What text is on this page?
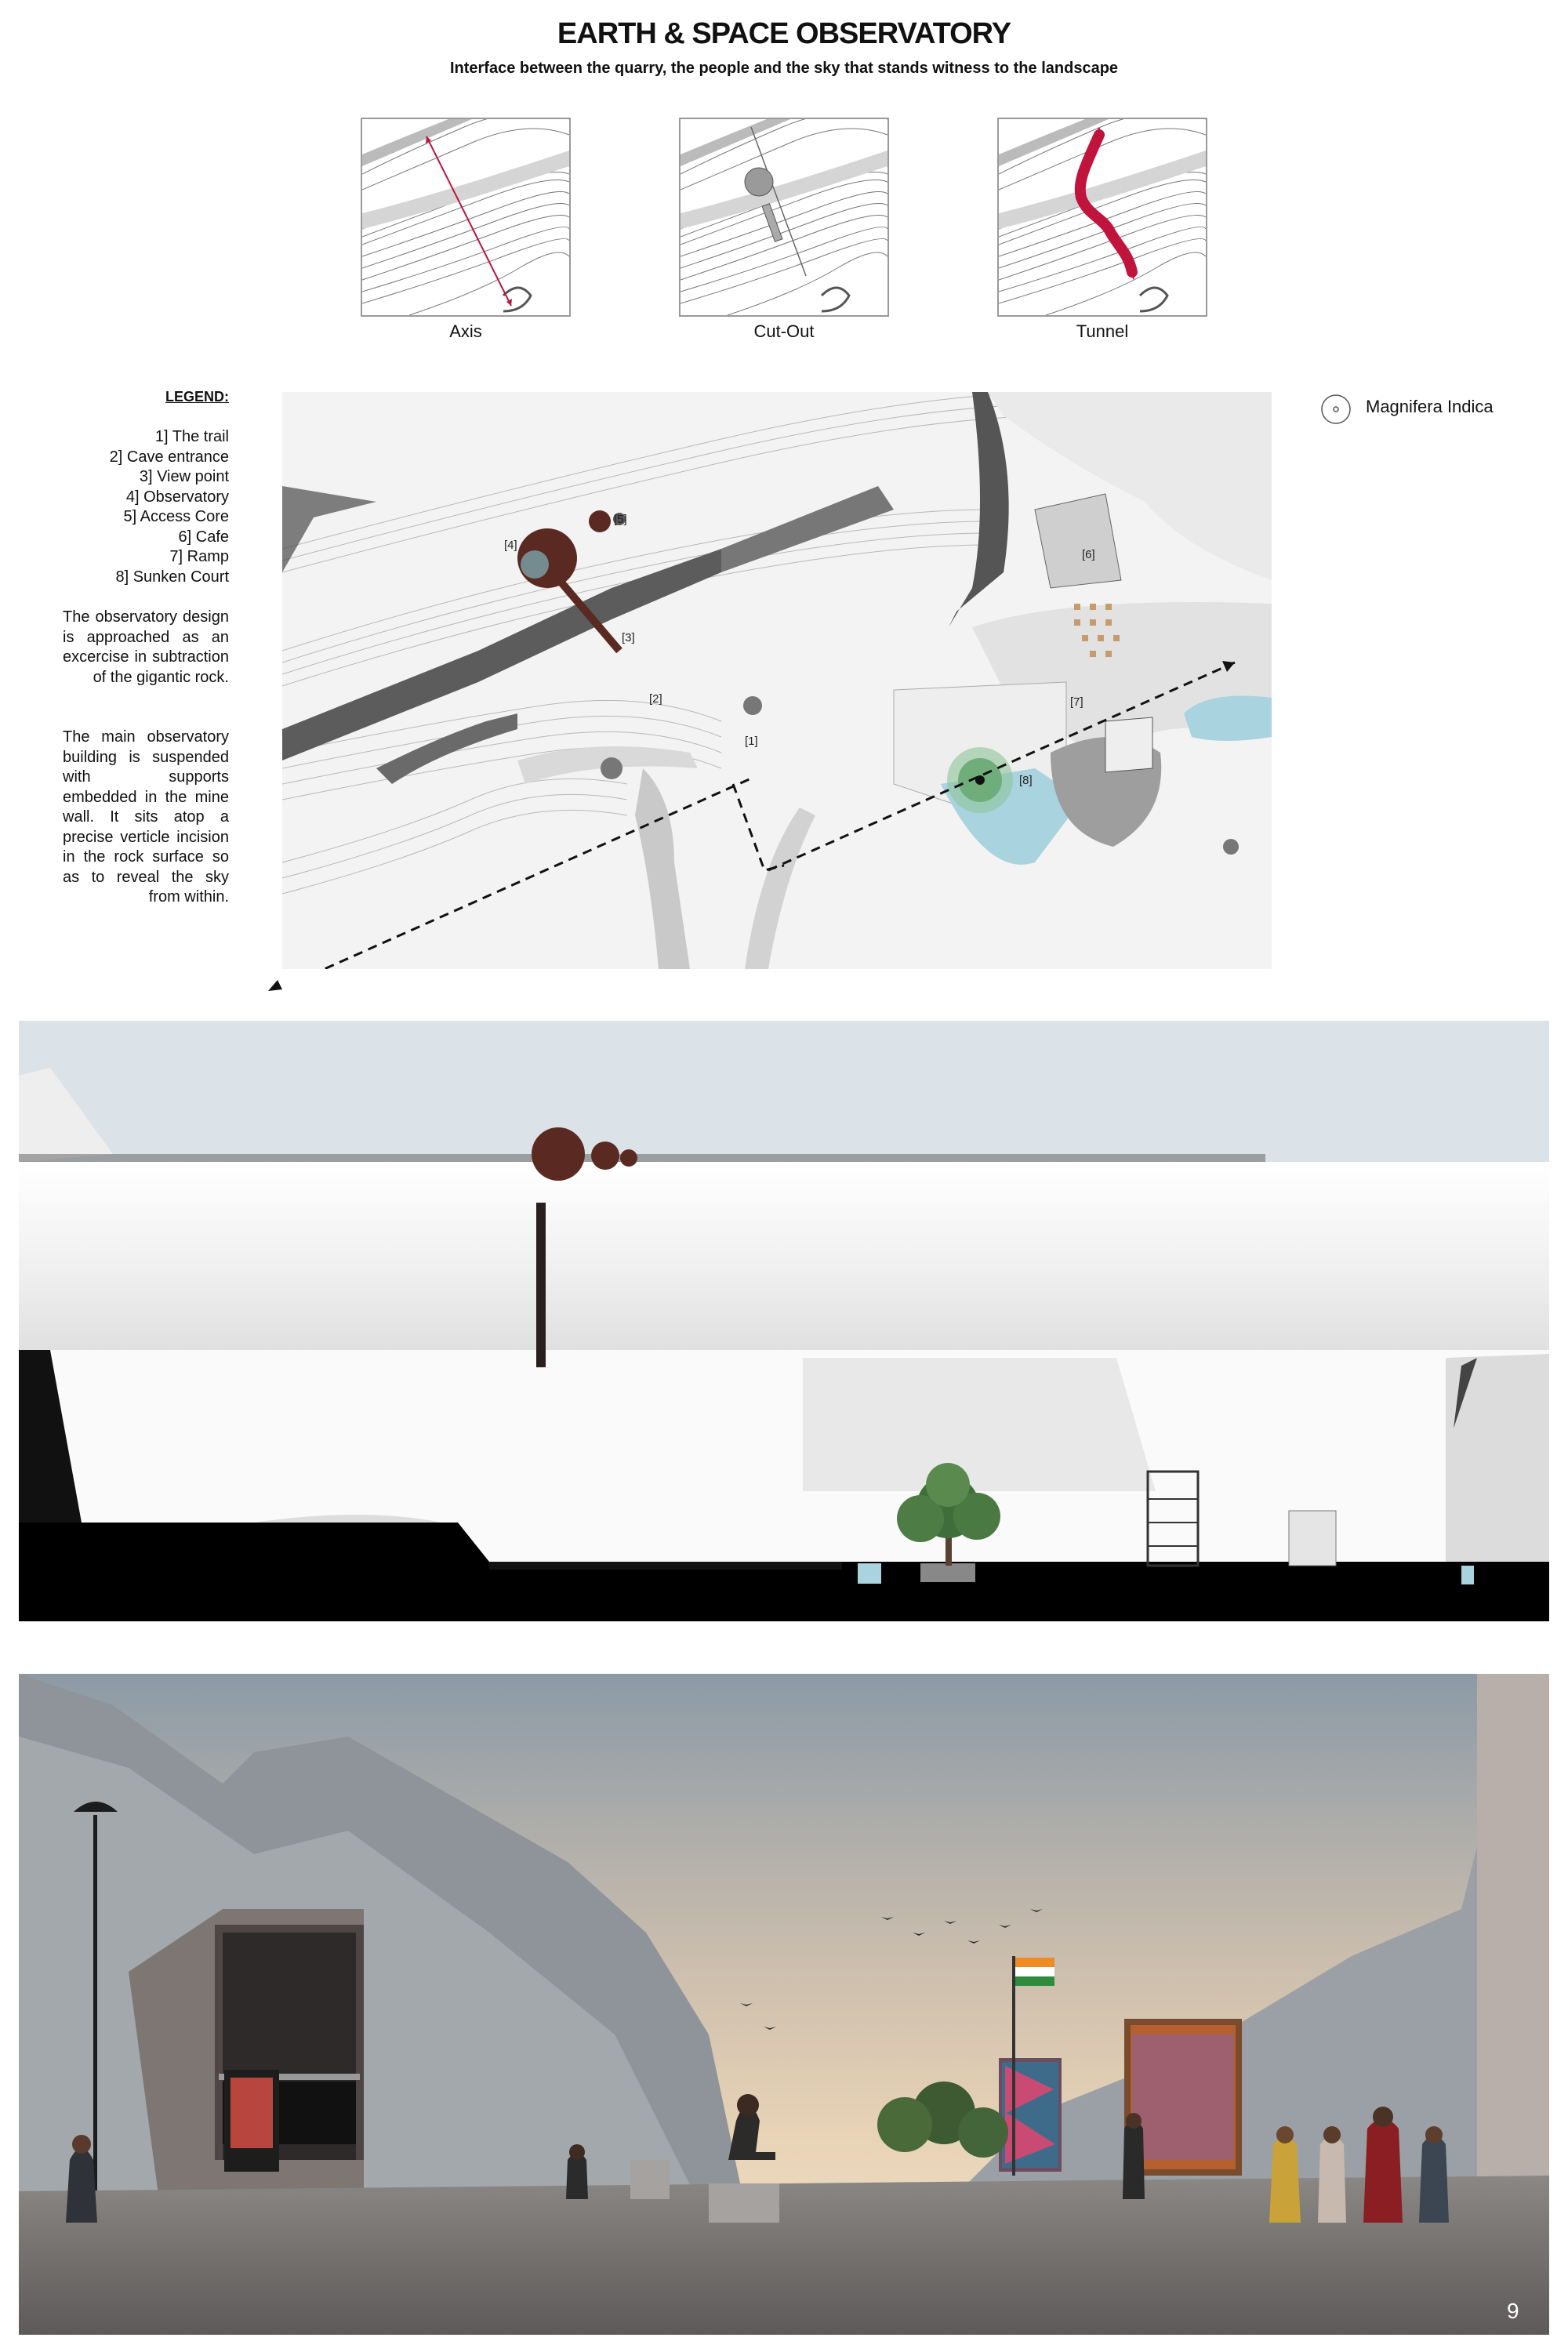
EARTH & SPACE OBSERVATORY
Interface between the quarry, the people and the sky that stands witness to the landscape
Axis	Cut-Out	Tunnel
LEGEND:
1] The trail
2] Cave entrance
3] View point
4] Observatory
5] Access Core
6] Cafe
7] Ramp
8] Sunken Court
The observatory design is approached as an excercise in subtraction of the gigantic rock.
The main observatory building is suspended with supports embedded in the mine wall. It sits atop a precise verticle incision in the rock surface so as to reveal the sky from within.
[1]
[2]
[3]
[4]
[5]
[6]
[7]
[8]
Magnifera Indica
9
